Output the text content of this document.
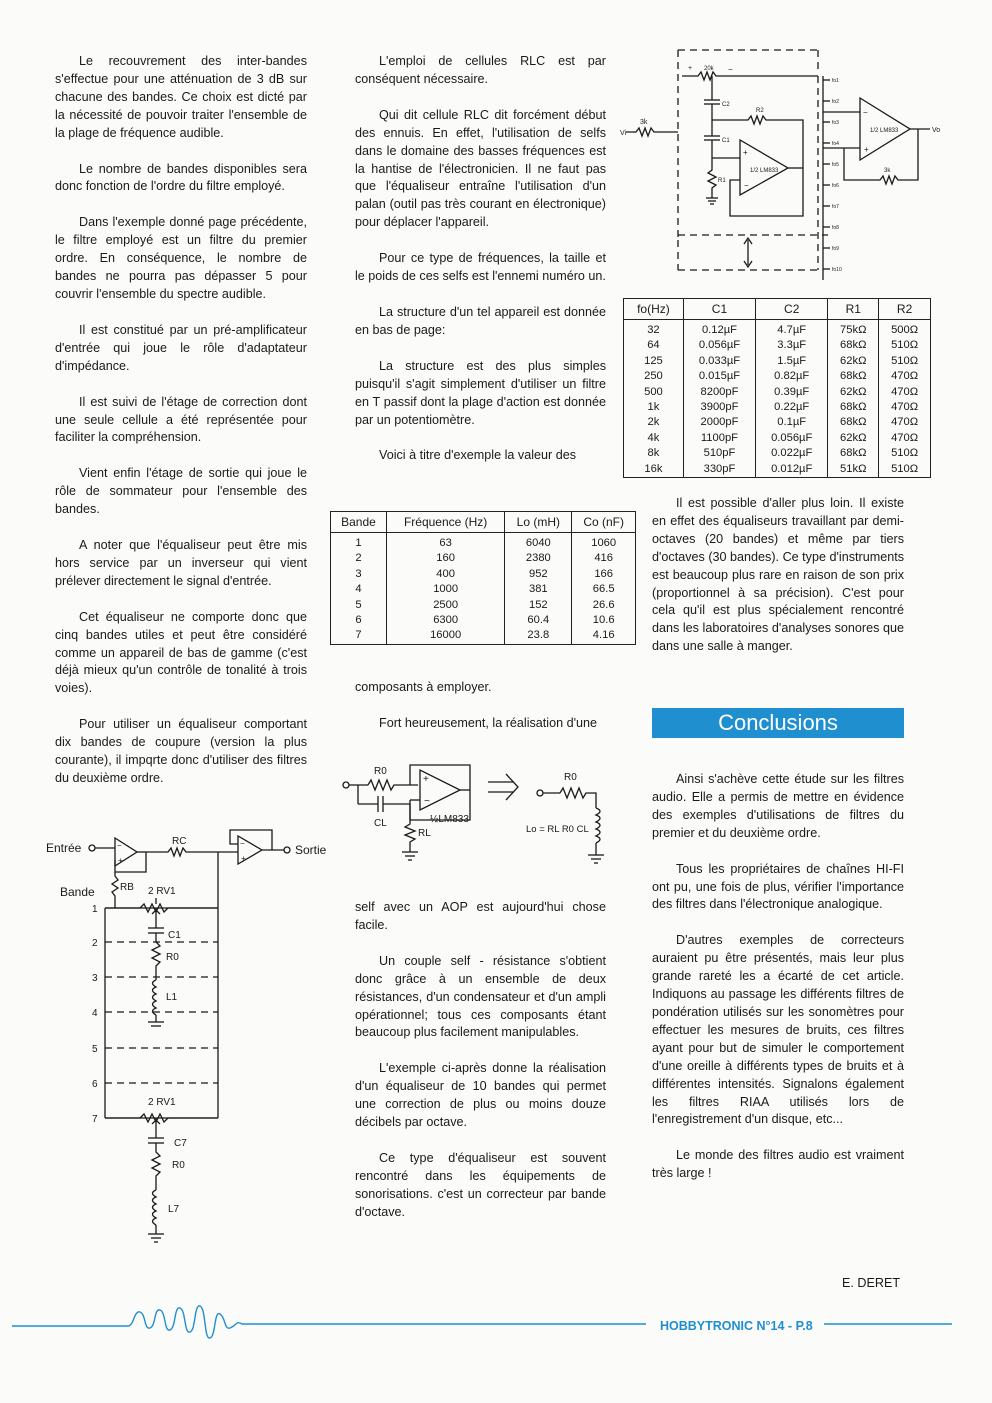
Le recouvrement des inter-bandes s'effectue pour une atténuation de 3 dB sur chacune des bandes. Ce choix est dicté par la nécessité de pouvoir traiter l'ensemble de la plage de fréquence audible.

Le nombre de bandes disponibles sera donc fonction de l'ordre du filtre employé.

Dans l'exemple donné page précédente, le filtre employé est un filtre du premier ordre. En conséquence, le nombre de bandes ne pourra pas dépasser 5 pour couvrir l'ensemble du spectre audible.

Il est constitué par un pré-amplificateur d'entrée qui joue le rôle d'adaptateur d'impédance.

Il est suivi de l'étage de correction dont une seule cellule a été représentée pour faciliter la compréhension.

Vient enfin l'étage de sortie qui joue le rôle de sommateur pour l'ensemble des bandes.

A noter que l'équaliseur peut être mis hors service par un inverseur qui vient prélever directement le signal d'entrée.

Cet équaliseur ne comporte donc que cinq bandes utiles et peut être considéré comme un appareil de bas de gamme (c'est déjà mieux qu'un contrôle de tonalité à trois voies).

Pour utiliser un équaliseur comportant dix bandes de coupure (version la plus courante), il impqrte donc d'utiliser des filtres du deuxième ordre.

L'emploi de cellules RLC est par conséquent nécessaire.

Qui dit cellule RLC dit forcément début des ennuis. En effet, l'utilisation de selfs dans le domaine des basses fréquences est la hantise de l'électronicien. Il ne faut pas que l'équaliseur entraîne l'utilisation d'un palan (outil pas très courant en électronique) pour déplacer l'appareil.

Pour ce type de fréquences, la taille et le poids de ces selfs est l'ennemi numéro un.

La structure d'un tel appareil est donnée en bas de page:

La structure est des plus simples puisqu'il s'agit simplement d'utiliser un filtre en T passif dont la plage d'action est donnée par un potentiomètre.

Voici à titre d'exemple la valeur des

Bande	Fréquence (Hz)	Lo (mH)	Co (nF)
1	63	6040	1060
2	160	2380	416
3	400	952	166
4	1000	381	66.5
5	2500	152	26.6
6	6300	60.4	10.6
7	16000	23.8	4.16

composants à employer.

Fort heureusement, la réalisation d'une

R0
+
−
CL
RL
½LM833
R0
Lo = RL R0 CL

self avec un AOP est aujourd'hui chose facile.

Un couple self - résistance s'obtient donc grâce à un ensemble de deux résistances, d'un condensateur et d'un ampli opérationnel; tous ces composants étant beaucoup plus facilement manipulables.

L'exemple ci-après donne la réalisation d'un équaliseur de 10 bandes qui permet une correction de plus ou moins douze décibels par octave.

Ce type d'équaliseur est souvent rencontré dans les équipements de sonorisations. c'est un correcteur par bande d'octave.

Vi
3k
+ 20k −
C2
R2
C1
+
−
1/2 LM833
R1
fo1
fo2
fo3
fo4
fo5
fo6
fo7
fo8
fo9
fo10
−
+
1/2 LM833	Vo
3k
fo(Hz)	C1	C2	R1	R2
32	0.12µF	4.7µF	75kΩ	500Ω
64	0.056µF	3.3µF	68kΩ	510Ω
125	0.033µF	1.5µF	62kΩ	510Ω
250	0.015µF	0.82µF	68kΩ	470Ω
500	8200pF	0.39µF	62kΩ	470Ω
1k	3900pF	0.22µF	68kΩ	470Ω
2k	2000pF	0.1µF	68kΩ	470Ω
4k	1100pF	0.056µF	62kΩ	470Ω
8k	510pF	0.022µF	68kΩ	510Ω
16k	330pF	0.012µF	51kΩ	510Ω

Il est possible d'aller plus loin. Il existe en effet des équaliseurs travaillant par demi-octaves (20 bandes) et même par tiers d'octaves (30 bandes). Ce type d'instruments est beaucoup plus rare en raison de son prix (proportionnel à sa précision). C'est pour cela qu'il est plus spécialement rencontré dans les laboratoires d'analyses sonores que dans une salle à manger.

Conclusions

Ainsi s'achève cette étude sur les filtres audio. Elle a permis de mettre en évidence des exemples d'utilisations de filtres du premier et du deuxième ordre.

Tous les propriétaires de chaînes HI-FI ont pu, une fois de plus, vérifier l'importance des filtres dans l'électronique analogique.

D'autres exemples de correcteurs auraient pu être présentés, mais leur plus grande rareté les a écarté de cet article. Indiquons au passage les différents filtres de pondération utilisés sur les sonomètres pour effectuer les mesures de bruits, ces filtres ayant pour but de simuler le comportement d'une oreille à différents types de bruits et à différentes intensités. Signalons également les filtres RIAA utilisés lors de l'enregistrement d'un disque, etc...

Le monde des filtres audio est vraiment très large !

Entrée	−
+
RC	−
+
Sortie
RB
Bande	2 RV1
C1
R0
L1
1
2
3
4
5
6
7
2 RV1
C7
R0
L7
E. DERET
HOBBYTRONIC N°14 - P.8
